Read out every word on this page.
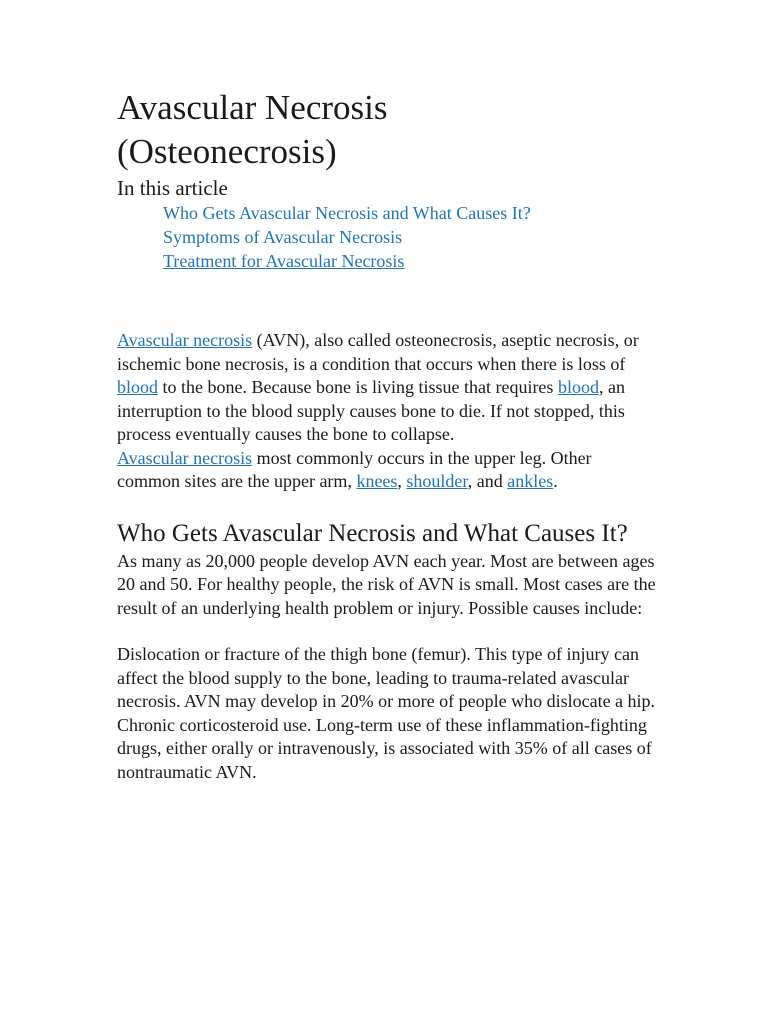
Avascular Necrosis
(Osteonecrosis)

In this article

Who Gets Avascular Necrosis and What Causes It?
Symptoms of Avascular Necrosis
Treatment for Avascular Necrosis

Avascular necrosis (AVN), also called osteonecrosis, aseptic necrosis, or ischemic bone necrosis, is a condition that occurs when there is loss of blood to the bone. Because bone is living tissue that requires blood, an interruption to the blood supply causes bone to die. If not stopped, this process eventually causes the bone to collapse.

Avascular necrosis most commonly occurs in the upper leg. Other common sites are the upper arm, knees, shoulder, and ankles.

Who Gets Avascular Necrosis and What Causes It?

As many as 20,000 people develop AVN each year. Most are between ages 20 and 50. For healthy people, the risk of AVN is small. Most cases are the result of an underlying health problem or injury. Possible causes include:

Dislocation or fracture of the thigh bone (femur). This type of injury can affect the blood supply to the bone, leading to trauma-related avascular necrosis. AVN may develop in 20% or more of people who dislocate a hip.

Chronic corticosteroid use. Long-term use of these inflammation-fighting drugs, either orally or intravenously, is associated with 35% of all cases of nontraumatic AVN.
